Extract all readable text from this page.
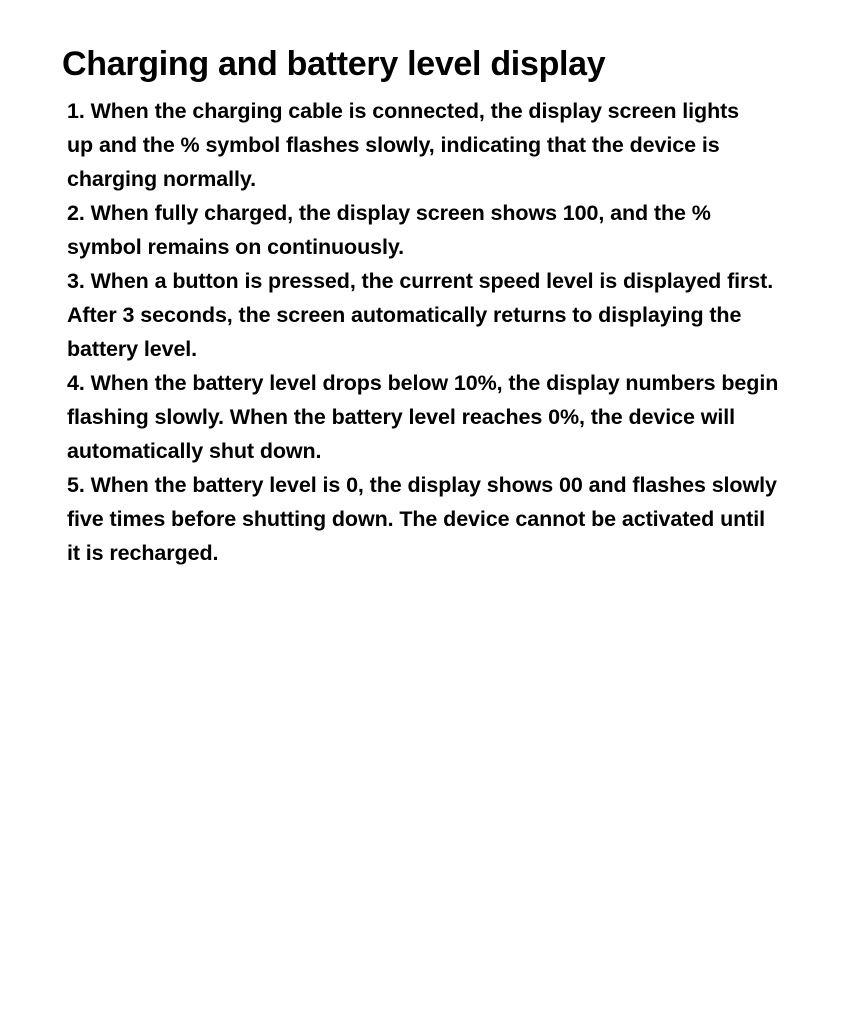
Charging and battery level display
1. When the charging cable is connected, the display screen lights
up and the % symbol flashes slowly, indicating that the device is
charging normally.
2. When fully charged, the display screen shows 100, and the %
symbol remains on continuously.
3. When a button is pressed, the current speed level is displayed first.
After 3 seconds, the screen automatically returns to displaying the
battery level.
4. When the battery level drops below 10%, the display numbers begin
flashing slowly. When the battery level reaches 0%, the device will
automatically shut down.
5. When the battery level is 0, the display shows 00 and flashes slowly
five times before shutting down. The device cannot be activated until
it is recharged.
